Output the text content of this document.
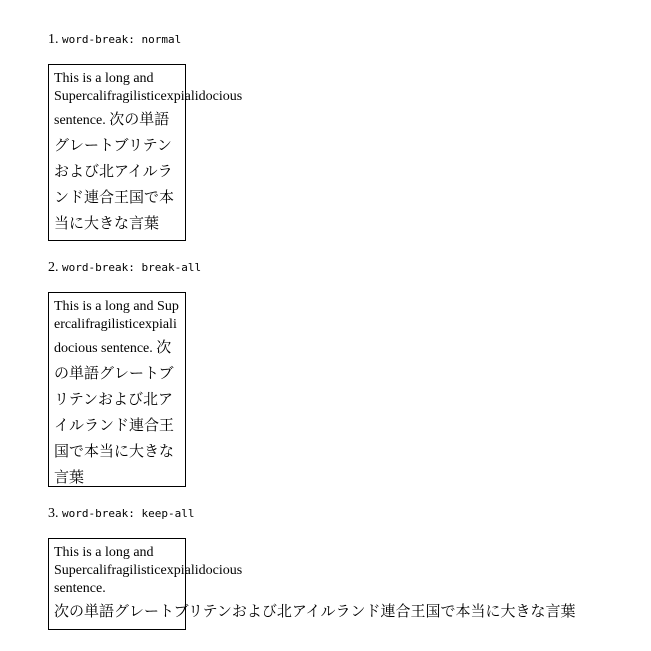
1. word-break: normal
This is a long and Supercalifragilisticexpialidocious sentence. 次の単語グレートブリテンおよび北アイルランド連合王国で本当に大きな言葉
2. word-break: break-all
This is a long and Supercalifragilisticexpialidocious sentence. 次の単語グレートブリテンおよび北アイルランド連合王国で本当に大きな言葉
3. word-break: keep-all
This is a long and Supercalifragilisticexpialidocious sentence.
次の単語グレートブリテンおよび北アイルランド連合王国で本当に大きな言葉
